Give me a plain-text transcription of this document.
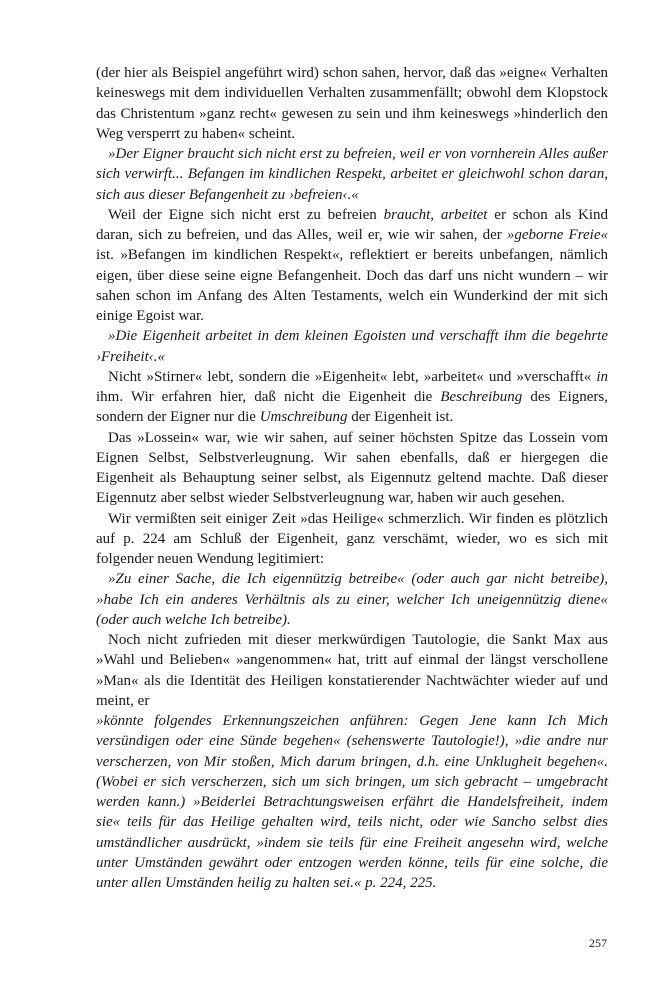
(der hier als Beispiel angeführt wird) schon sahen, hervor, daß das »eigne« Verhalten keineswegs mit dem individuellen Verhalten zusammenfällt; obwohl dem Klopstock das Christentum »ganz recht« gewesen zu sein und ihm keineswegs »hinderlich den Weg versperrt zu haben« scheint.

»Der Eigner braucht sich nicht erst zu befreien, weil er von vornherein Alles außer sich verwirft... Befangen im kindlichen Respekt, arbeitet er gleichwohl schon daran, sich aus dieser Befangenheit zu ›befreien‹.«

Weil der Eigne sich nicht erst zu befreien braucht, arbeitet er schon als Kind daran, sich zu befreien, und das Alles, weil er, wie wir sahen, der »geborne Freie« ist. »Befangen im kindlichen Respekt«, reflektiert er bereits unbefangen, nämlich eigen, über diese seine eigne Befangenheit. Doch das darf uns nicht wundern – wir sahen schon im Anfang des Alten Testaments, welch ein Wunderkind der mit sich einige Egoist war.

»Die Eigenheit arbeitet in dem kleinen Egoisten und verschafft ihm die begehrte ›Freiheit‹.«

Nicht »Stirner« lebt, sondern die »Eigenheit« lebt, »arbeitet« und »verschafft« in ihm. Wir erfahren hier, daß nicht die Eigenheit die Beschreibung des Eigners, sondern der Eigner nur die Umschreibung der Eigenheit ist.

Das »Lossein« war, wie wir sahen, auf seiner höchsten Spitze das Lossein vom Eignen Selbst, Selbstverleugnung. Wir sahen ebenfalls, daß er hiergegen die Eigenheit als Behauptung seiner selbst, als Eigennutz geltend machte. Daß dieser Eigennutz aber selbst wieder Selbstverleugnung war, haben wir auch gesehen.

Wir vermißten seit einiger Zeit »das Heilige« schmerzlich. Wir finden es plötzlich auf p. 224 am Schluß der Eigenheit, ganz verschämt, wieder, wo es sich mit folgender neuen Wendung legitimiert:

»Zu einer Sache, die Ich eigennützig betreibe« (oder auch gar nicht betreibe), »habe Ich ein anderes Verhältnis als zu einer, welcher Ich uneigennützig diene« (oder auch welche Ich betreibe).

Noch nicht zufrieden mit dieser merkwürdigen Tautologie, die Sankt Max aus »Wahl und Belieben« »angenommen« hat, tritt auf einmal der längst verschollene »Man« als die Identität des Heiligen konstatierender Nachtwächter wieder auf und meint, er

»könnte folgendes Erkennungszeichen anführen: Gegen Jene kann Ich Mich versündigen oder eine Sünde begehen« (sehenswerte Tautologie!), »die andre nur verscherzen, von Mir stoßen, Mich darum bringen, d.h. eine Unklugheit begehen«. (Wobei er sich verscherzen, sich um sich bringen, um sich gebracht – umgebracht werden kann.) »Beiderlei Betrachtungsweisen erfährt die Handelsfreiheit, indem sie« teils für das Heilige gehalten wird, teils nicht, oder wie Sancho selbst dies umständlicher ausdrückt, »indem sie teils für eine Freiheit angesehn wird, welche unter Umständen gewährt oder entzogen werden könne, teils für eine solche, die unter allen Umständen heilig zu halten sei.« p. 224, 225.

257
